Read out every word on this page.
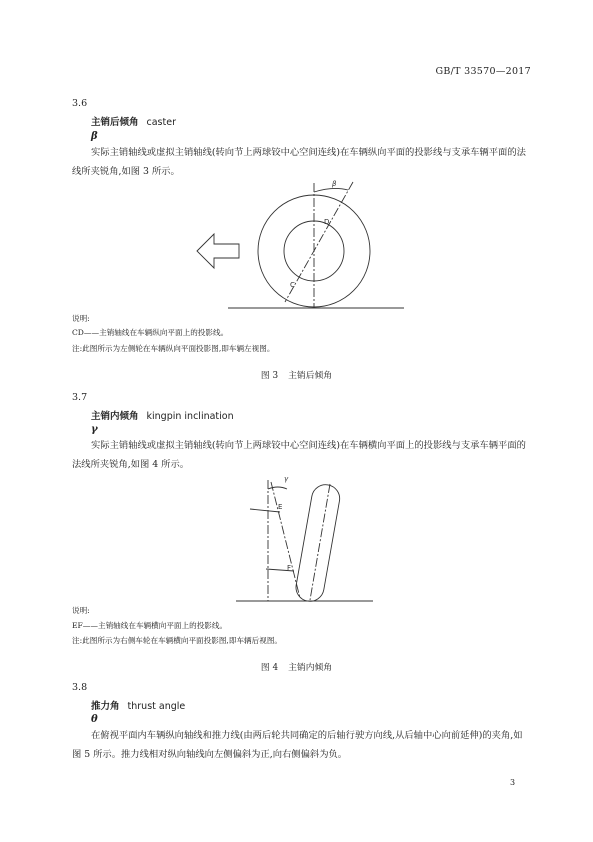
GB/T 33570—2017
3.6
主销后倾角 caster
β
实际主销轴线或虚拟主销轴线(转向节上两球铰中心空间连线)在车辆纵向平面的投影线与支承车辆平面的法线所夹锐角,如图 3 所示。
β
D
C
说明:
CD——主销轴线在车辆纵向平面上的投影线。
注:此图所示为左侧轮在车辆纵向平面投影图,即车辆左视图。
图 3 主销后倾角
3.7
主销内倾角 kingpin inclination
γ
实际主销轴线或虚拟主销轴线(转向节上两球铰中心空间连线)在车辆横向平面上的投影线与支承车辆平面的法线所夹锐角,如图 4 所示。
γ
E
F
说明:
EF——主销轴线在车辆横向平面上的投影线。
注:此图所示为右侧车轮在车辆横向平面投影图,即车辆后视图。
图 4 主销内倾角
3.8
推力角 thrust angle
θ
在俯视平面内车辆纵向轴线和推力线(由两后轮共同确定的后轴行驶方向线,从后轴中心向前延伸)的夹角,如图 5 所示。推力线相对纵向轴线向左侧偏斜为正,向右侧偏斜为负。
3
